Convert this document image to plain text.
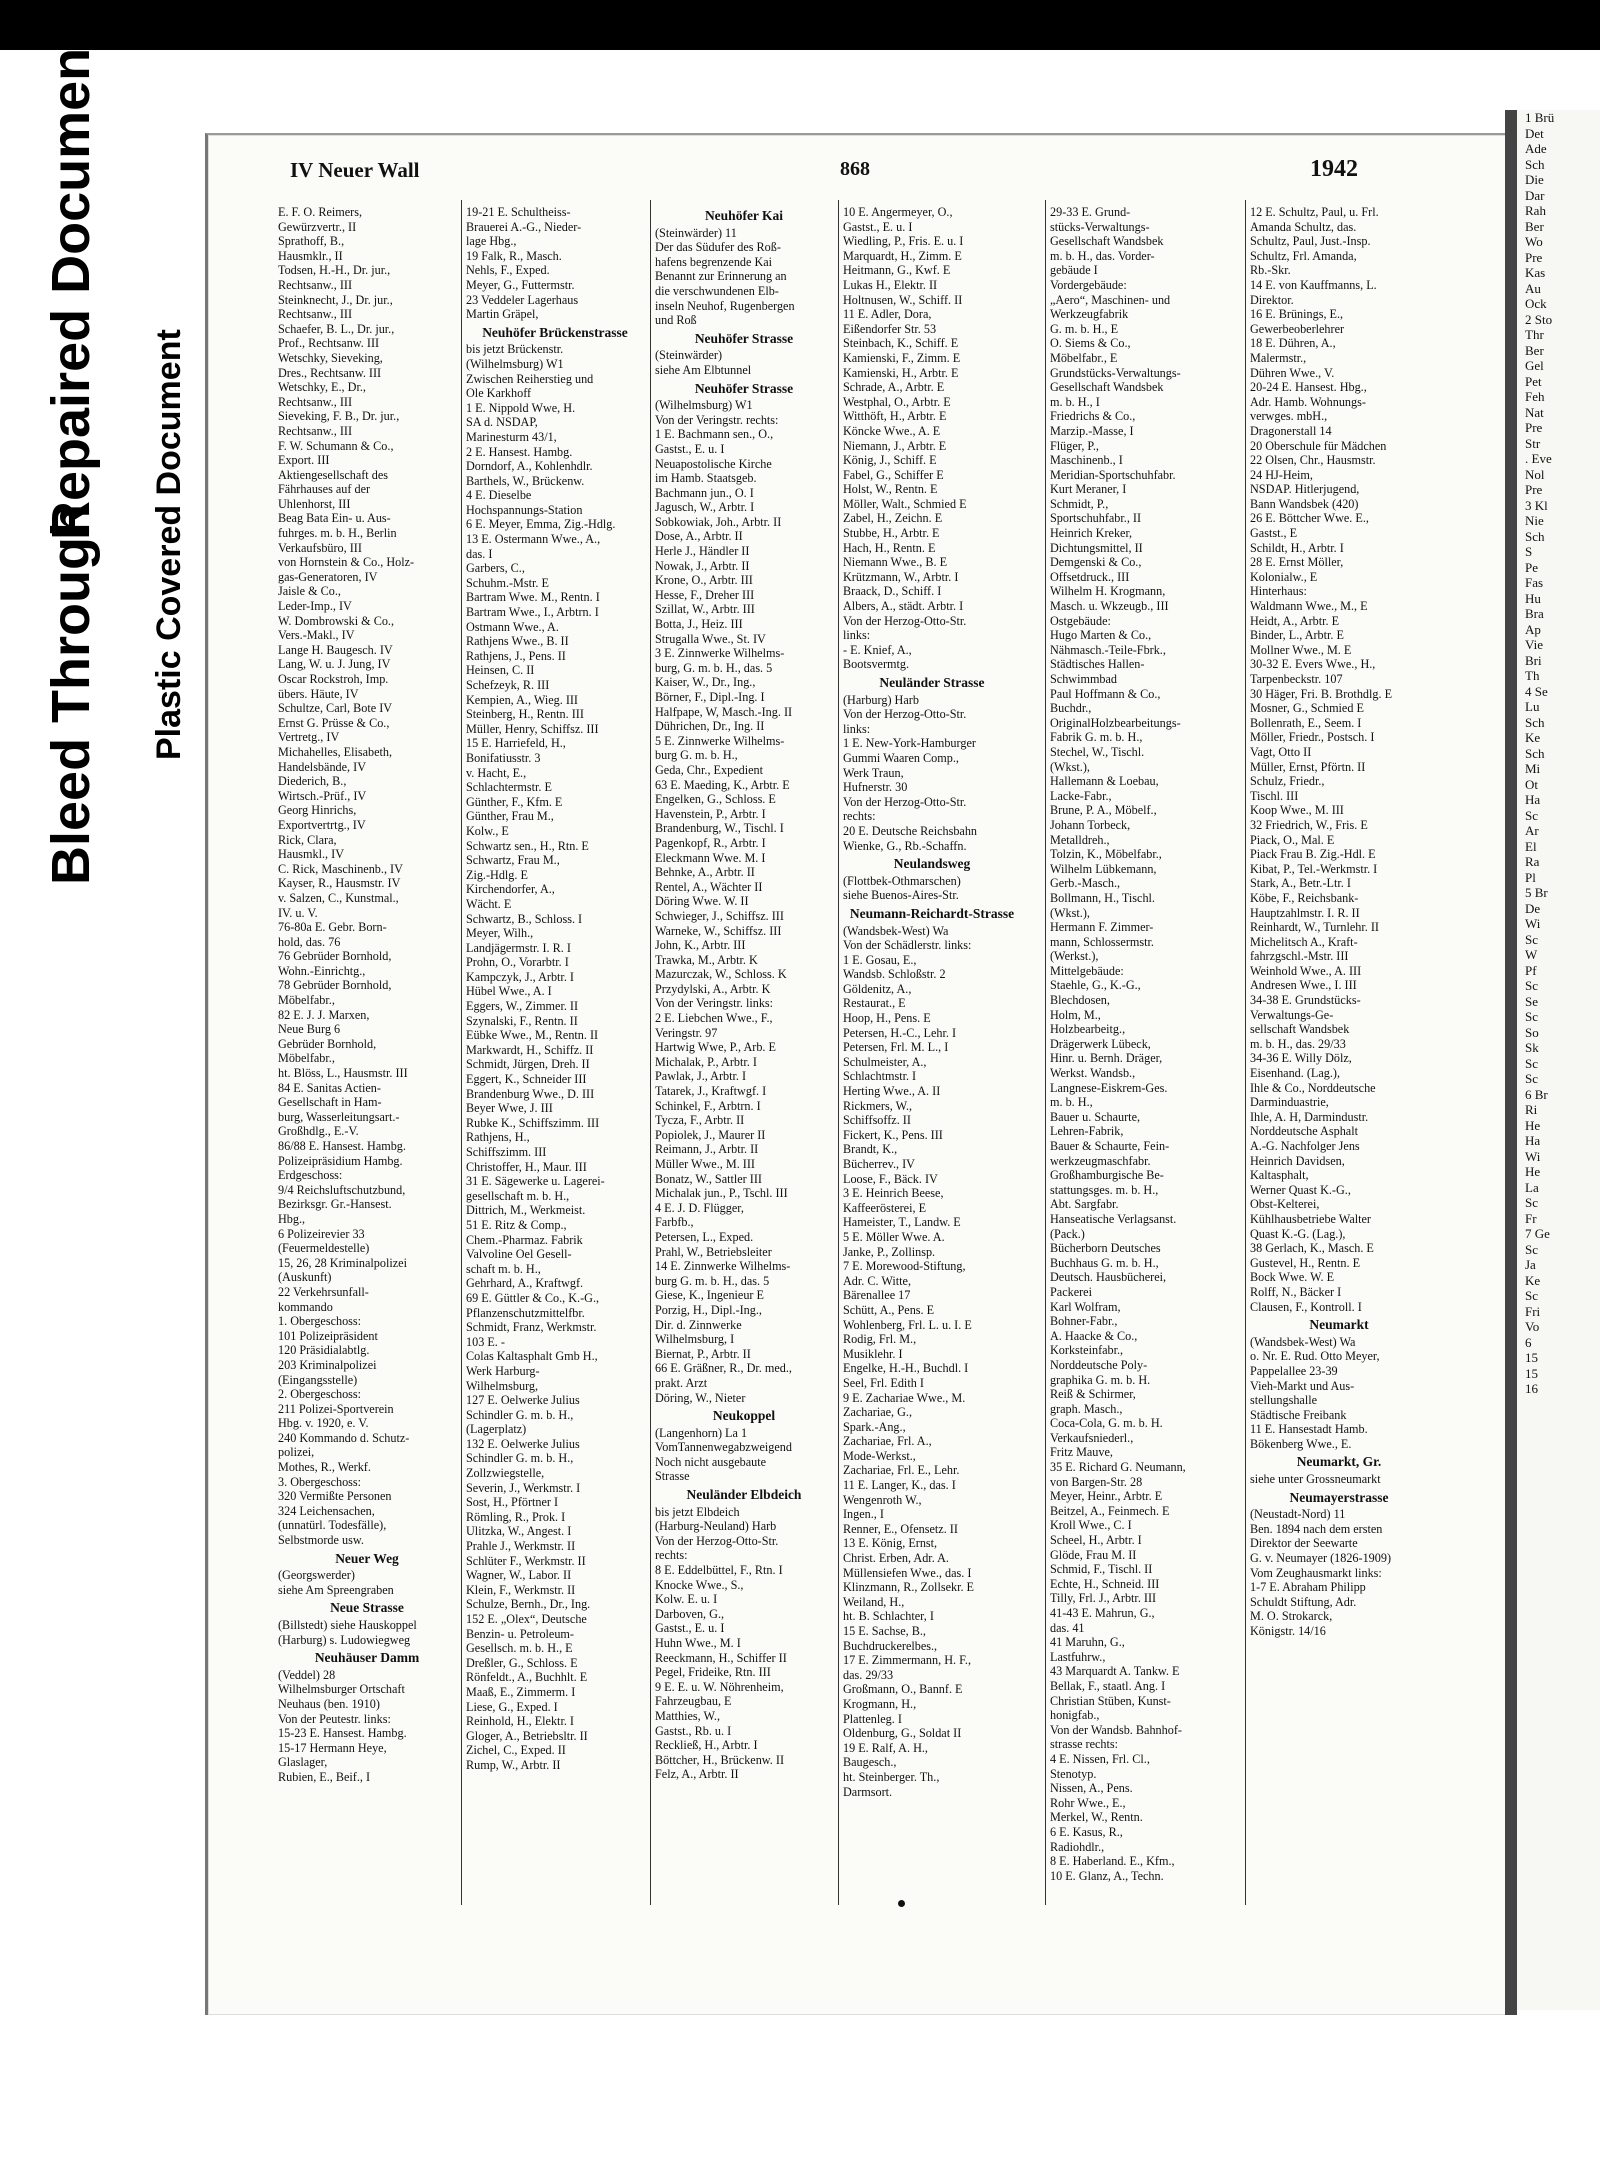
Bleed Through
Repaired Document
Plastic Covered Document
1 Brü
Det
Ade
Sch
Die
Dar
Rah
Ber
Wo
Pre
Kas
Au
Ock
2 Sto
Thr
Ber
Gel
Pet
Feh
Nat
Pre
Str
. Eve
Nol
Pre
3 Kl
Nie
Sch
S
Pe
Fas
Hu
Bra
Ap
Vie
Bri
Th
4 Se
Lu
Sch
Ke
Sch
Mi
Ot
Ha
Sc
Ar
El
Ra
Pl
5 Br
De
Wi
Sc
W
Pf
Sc
Se
Sc
So
Sk
Sc
Sc
6 Br
Ri
He
Ha
Wi
He
La
Sc
Fr
7 Ge
Sc
Ja
Ke
Sc
Fri
Vo
6
15
15
16
IV Neuer Wall	868	1942
E. F. O. Reimers,
Gewürzvertr., II
Sprathoff, B.,
Hausmklr., II
Todsen, H.-H., Dr. jur.,
Rechtsanw., III
Steinknecht, J., Dr. jur.,
Rechtsanw., III
Schaefer, B. L., Dr. jur.,
Prof., Rechtsanw. III
Wetschky, Sieveking,
Dres., Rechtsanw. III
Wetschky, E., Dr.,
Rechtsanw., III
Sieveking, F. B., Dr. jur.,
Rechtsanw., III
F. W. Schumann & Co.,
Export. III
Aktiengesellschaft des
Fährhauses auf der
Uhlenhorst, III
Beag Bata Ein- u. Aus-
fuhrges. m. b. H., Berlin
Verkaufsbüro, III
von Hornstein & Co., Holz-
gas-Generatoren, IV
Jaisle & Co.,
Leder-Imp., IV
W. Dombrowski & Co.,
Vers.-Makl., IV
Lange H. Baugesch. IV
Lang, W. u. J. Jung, IV
Oscar Rockstroh, Imp.
übers. Häute, IV
Schultze, Carl, Bote IV
Ernst G. Prüsse & Co.,
Vertretg., IV
Michahelles, Elisabeth,
Handelsbände, IV
Diederich, B.,
Wirtsch.-Prüf., IV
Georg Hinrichs,
Exportvertrtg., IV
Rick, Clara,
Hausmkl., IV
C. Rick, Maschinenb., IV
Kayser, R., Hausmstr. IV
v. Salzen, C., Kunstmal.,
IV. u. V.
76-80a E. Gebr. Born-
hold, das. 76
76 Gebrüder Bornhold,
Wohn.-Einrichtg.,
78 Gebrüder Bornhold,
Möbelfabr.,
82 E. J. J. Marxen,
Neue Burg 6
Gebrüder Bornhold,
Möbelfabr.,
ht. Blöss, L., Hausmstr. III
84 E. Sanitas Actien-
Gesellschaft in Ham-
burg, Wasserleitungsart.-
Großhdlg., E.-V.
86/88 E. Hansest. Hambg.
Polizeipräsidium Hambg.
Erdgeschoss:
9/4 Reichsluftschutzbund,
Bezirksgr. Gr.-Hansest.
Hbg.,
6 Polizeirevier 33
(Feuermeldestelle)
15, 26, 28 Kriminalpolizei
(Auskunft)
22 Verkehrsunfall-
kommando
1. Obergeschoss:
101 Polizeipräsident
120 Präsidialabtlg.
203 Kriminalpolizei
(Eingangsstelle)
2. Obergeschoss:
211 Polizei-Sportverein
Hbg. v. 1920, e. V.
240 Kommando d. Schutz-
polizei,
Mothes, R., Werkf.
3. Obergeschoss:
320 Vermißte Personen
324 Leichensachen,
(unnatürl. Todesfälle),
Selbstmorde usw.
Neuer Weg
(Georgswerder)
siehe Am Spreengraben
Neue Strasse
(Billstedt) siehe Hauskoppel
(Harburg) s. Ludowiegweg
Neuhäuser Damm
(Veddel) 28
Wilhelmsburger Ortschaft
Neuhaus (ben. 1910)
Von der Peutestr. links:
15-23 E. Hansest. Hambg.
15-17 Hermann Heye,
Glaslager,
Rubien, E., Beif., I
19-21 E. Schultheiss-
Brauerei A.-G., Nieder-
lage Hbg.,
19 Falk, R., Masch.
Nehls, F., Exped.
Meyer, G., Futtermstr.
23 Veddeler Lagerhaus
Martin Gräpel,
Neuhöfer Brückenstrasse
bis jetzt Brückenstr.
(Wilhelmsburg) W1
Zwischen Reiherstieg und
Ole Karkhoff
1 E. Nippold Wwe, H.
SA d. NSDAP,
Marinesturm 43/1,
2 E. Hansest. Hambg.
Dorndorf, A., Kohlenhdlr.
Barthels, W., Brückenw.
4 E. Dieselbe
Hochspannungs-Station
6 E. Meyer, Emma, Zig.-Hdlg.
13 E. Ostermann Wwe., A.,
das. I
Garbers, C.,
Schuhm.-Mstr. E
Bartram Wwe. M., Rentn. I
Bartram Wwe., I., Arbtrn. I
Ostmann Wwe., A.
Rathjens Wwe., B. II
Rathjens, J., Pens. II
Heinsen, C. II
Schefzeyk, R. III
Kempien, A., Wieg. III
Steinberg, H., Rentn. III
Müller, Henry, Schiffsz. III
15 E. Harriefeld, H.,
Bonifatiusstr. 3
v. Hacht, E.,
Schlachtermstr. E
Günther, F., Kfm. E
Günther, Frau M.,
Kolw., E
Schwartz sen., H., Rtn. E
Schwartz, Frau M.,
Zig.-Hdlg. E
Kirchendorfer, A.,
Wächt. E
Schwartz, B., Schloss. I
Meyer, Wilh.,
Landjägermstr. I. R. I
Prohn, O., Vorarbtr. I
Kampczyk, J., Arbtr. I
Hübel Wwe., A. I
Eggers, W., Zimmer. II
Szynalski, F., Rentn. II
Eübke Wwe., M., Rentn. II
Markwardt, H., Schiffz. II
Schmidt, Jürgen, Dreh. II
Eggert, K., Schneider III
Brandenburg Wwe., D. III
Beyer Wwe, J. III
Rubke K., Schiffszimm. III
Rathjens, H.,
Schiffszimm. III
Christoffer, H., Maur. III
31 E. Sägewerke u. Lagerei-
gesellschaft m. b. H.,
Dittrich, M., Werkmeist.
51 E. Ritz & Comp.,
Chem.-Pharmaz. Fabrik
Valvoline Oel Gesell-
schaft m. b. H.,
Gehrhard, A., Kraftwgf.
69 E. Güttler & Co., K.-G.,
Pflanzenschutzmittelfbr.
Schmidt, Franz, Werkmstr.
103 E. -
Colas Kaltasphalt Gmb H.,
Werk Harburg-
Wilhelmsburg,
127 E. Oelwerke Julius
Schindler G. m. b. H.,
(Lagerplatz)
132 E. Oelwerke Julius
Schindler G. m. b. H.,
Zollzwiegstelle,
Severin, J., Werkmstr. I
Sost, H., Pförtner I
Römling, R., Prok. I
Ulitzka, W., Angest. I
Prahle J., Werkmstr. II
Schlüter F., Werkmstr. II
Wagner, W., Labor. II
Klein, F., Werkmstr. II
Schulze, Bernh., Dr., Ing.
152 E. „Olex“, Deutsche
Benzin- u. Petroleum-
Gesellsch. m. b. H., E
Dreßler, G., Schloss. E
Rönfeldt., A., Buchhlt. E
Maaß, E., Zimmerm. I
Liese, G., Exped. I
Reinhold, H., Elektr. I
Gloger, A., Betriebsltr. II
Zichel, C., Exped. II
Rump, W., Arbtr. II
Neuhöfer Kai
(Steinwärder) 11
Der das Südufer des Roß-
hafens begrenzende Kai
Benannt zur Erinnerung an
die verschwundenen Elb-
inseln Neuhof, Rugenbergen
und Roß
Neuhöfer Strasse
(Steinwärder)
siehe Am Elbtunnel
Neuhöfer Strasse
(Wilhelmsburg) W1
Von der Veringstr. rechts:
1 E. Bachmann sen., O.,
Gastst., E. u. I
Neuapostolische Kirche
im Hamb. Staatsgeb.
Bachmann jun., O. I
Jagusch, W., Arbtr. I
Sobkowiak, Joh., Arbtr. II
Dose, A., Arbtr. II
Herle J., Händler II
Nowak, J., Arbtr. II
Krone, O., Arbtr. III
Hesse, F., Dreher III
Szillat, W., Arbtr. III
Botta, J., Heiz. III
Strugalla Wwe., St. IV
3 E. Zinnwerke Wilhelms-
burg, G. m. b. H., das. 5
Kaiser, W., Dr., Ing.,
Börner, F., Dipl.-Ing. I
Halfpape, W, Masch.-Ing. II
Dührichen, Dr., Ing. II
5 E. Zinnwerke Wilhelms-
burg G. m. b. H.,
Geda, Chr., Expedient
63 E. Maeding, K., Arbtr. E
Engelken, G., Schloss. E
Havenstein, P., Arbtr. I
Brandenburg, W., Tischl. I
Pagenkopf, R., Arbtr. I
Eleckmann Wwe. M. I
Behnke, A., Arbtr. II
Rentel, A., Wächter II
Döring Wwe. W. II
Schwieger, J., Schiffsz. III
Warneke, W., Schiffsz. III
John, K., Arbtr. III
Trawka, M., Arbtr. K
Mazurczak, W., Schloss. K
Przydylski, A., Arbtr. K
Von der Veringstr. links:
2 E. Liebchen Wwe., F.,
Veringstr. 97
Hartwig Wwe, P., Arb. E
Michalak, P., Arbtr. I
Pawlak, J., Arbtr. I
Tatarek, J., Kraftwgf. I
Schinkel, F., Arbtrn. I
Tycza, F., Arbtr. II
Popiolek, J., Maurer II
Reimann, J., Arbtr. II
Müller Wwe., M. III
Bonatz, W., Sattler III
Michalak jun., P., Tschl. III
4 E. J. D. Flügger,
Farbfb.,
Petersen, L., Exped.
Prahl, W., Betriebsleiter
14 E. Zinnwerke Wilhelms-
burg G. m. b. H., das. 5
Giese, K., Ingenieur E
Porzig, H., Dipl.-Ing.,
Dir. d. Zinnwerke
Wilhelmsburg, I
Biernat, P., Arbtr. II
66 E. Gräßner, R., Dr. med.,
prakt. Arzt
Döring, W., Nieter
Neukoppel
(Langenhorn) La 1
VomTannenwegabzweigend
Noch nicht ausgebaute
Strasse
Neuländer Elbdeich
bis jetzt Elbdeich
(Harburg-Neuland) Harb
Von der Herzog-Otto-Str.
rechts:
8 E. Eddelbüttel, F., Rtn. I
Knocke Wwe., S.,
Kolw. E. u. I
Darboven, G.,
Gastst., E. u. I
Huhn Wwe., M. I
Reeckmann, H., Schiffer II
Pegel, Frideike, Rtn. III
9 E. E. u. W. Nöhrenheim,
Fahrzeugbau, E
Matthies, W.,
Gastst., Rb. u. I
Reckließ, H., Arbtr. I
Böttcher, H., Brückenw. II
Felz, A., Arbtr. II
10 E. Angermeyer, O.,
Gastst., E. u. I
Wiedling, P., Fris. E. u. I
Marquardt, H., Zimm. E
Heitmann, G., Kwf. E
Lukas H., Elektr. II
Holtnusen, W., Schiff. II
11 E. Adler, Dora,
Eißendorfer Str. 53
Steinbach, K., Schiff. E
Kamienski, F., Zimm. E
Kamienski, H., Arbtr. E
Schrade, A., Arbtr. E
Westphal, O., Arbtr. E
Witthöft, H., Arbtr. E
Köncke Wwe., A. E
Niemann, J., Arbtr. E
König, J., Schiff. E
Fabel, G., Schiffer E
Holst, W., Rentn. E
Möller, Walt., Schmied E
Zabel, H., Zeichn. E
Stubbe, H., Arbtr. E
Hach, H., Rentn. E
Niemann Wwe., B. E
Krützmann, W., Arbtr. I
Braack, D., Schiff. I
Albers, A., städt. Arbtr. I
Von der Herzog-Otto-Str.
links:
- E. Knief, A.,
Bootsvermtg.
Neuländer Strasse
(Harburg) Harb
Von der Herzog-Otto-Str.
links:
1 E. New-York-Hamburger
Gummi Waaren Comp.,
Werk Traun,
Hufnerstr. 30
Von der Herzog-Otto-Str.
rechts:
20 E. Deutsche Reichsbahn
Wienke, G., Rb.-Schaffn.
Neulandsweg
(Flottbek-Othmarschen)
siehe Buenos-Aires-Str.
Neumann-Reichardt-Strasse
(Wandsbek-West) Wa
Von der Schädlerstr. links:
1 E. Gosau, E.,
Wandsb. Schloßstr. 2
Göldenitz, A.,
Restaurat., E
Hoop, H., Pens. E
Petersen, H.-C., Lehr. I
Petersen, Frl. M. L., I
Schulmeister, A.,
Schlachtmstr. I
Herting Wwe., A. II
Rickmers, W.,
Schiffsoffz. II
Fickert, K., Pens. III
Brandt, K.,
Bücherrev., IV
Loose, F., Bäck. IV
3 E. Heinrich Beese,
Kaffeerösterei, E
Hameister, T., Landw. E
5 E. Möller Wwe. A.
Janke, P., Zollinsp.
7 E. Morewood-Stiftung,
Adr. C. Witte,
Bärenallee 17
Schütt, A., Pens. E
Wohlenberg, Frl. L. u. I. E
Rodig, Frl. M.,
Musiklehr. I
Engelke, H.-H., Buchdl. I
Seel, Frl. Edith I
9 E. Zachariae Wwe., M.
Zachariae, G.,
Spark.-Ang.,
Zachariae, Frl. A.,
Mode-Werkst.,
Zachariae, Frl. E., Lehr.
11 E. Langer, K., das. I
Wengenroth W.,
Ingen., I
Renner, E., Ofensetz. II
13 E. König, Ernst,
Christ. Erben, Adr. A.
Müllensiefen Wwe., das. I
Klinzmann, R., Zollsekr. E
Weiland, H.,
ht. B. Schlachter, I
15 E. Sachse, B.,
Buchdruckerelbes.,
17 E. Zimmermann, H. F.,
das. 29/33
Großmann, O., Bannf. E
Krogmann, H.,
Plattenleg. I
Oldenburg, G., Soldat II
19 E. Ralf, A. H.,
Baugesch.,
ht. Steinberger. Th.,
Darmsort.
29-33 E. Grund-
stücks-Verwaltungs-
Gesellschaft Wandsbek
m. b. H., das. Vorder-
gebäude I
Vordergebäude:
„Aero“, Maschinen- und
Werkzeugfabrik
G. m. b. H., E
O. Siems & Co.,
Möbelfabr., E
Grundstücks-Verwaltungs-
Gesellschaft Wandsbek
m. b. H., I
Friedrichs & Co.,
Marzip.-Masse, I
Flüger, P.,
Maschinenb., I
Meridian-Sportschuhfabr.
Kurt Meraner, I
Schmidt, P.,
Sportschuhfabr., II
Heinrich Kreker,
Dichtungsmittel, II
Demgenski & Co.,
Offsetdruck., III
Wilhelm H. Krogmann,
Masch. u. Wkzeugb., III
Ostgebäude:
Hugo Marten & Co.,
Nähmasch.-Teile-Fbrk.,
Städtisches Hallen-
Schwimmbad
Paul Hoffmann & Co.,
Buchdr.,
OriginalHolzbearbeitungs-
Fabrik G. m. b. H.,
Stechel, W., Tischl.
(Wkst.),
Hallemann & Loebau,
Lacke-Fabr.,
Brune, P. A., Möbelf.,
Johann Torbeck,
Metalldreh.,
Tolzin, K., Möbelfabr.,
Wilhelm Lübkemann,
Gerb.-Masch.,
Bollmann, H., Tischl.
(Wkst.),
Hermann F. Zimmer-
mann, Schlossermstr.
(Werkst.),
Mittelgebäude:
Staehle, G., K.-G.,
Blechdosen,
Holm, M.,
Holzbearbeitg.,
Drägerwerk Lübeck,
Hinr. u. Bernh. Dräger,
Werkst. Wandsb.,
Langnese-Eiskrem-Ges.
m. b. H.,
Bauer u. Schaurte,
Lehren-Fabrik,
Bauer & Schaurte, Fein-
werkzeugmaschfabr.
Großhamburgische Be-
stattungsges. m. b. H.,
Abt. Sargfabr.
Hanseatische Verlagsanst.
(Pack.)
Bücherborn Deutsches
Buchhaus G. m. b. H.,
Deutsch. Hausbücherei,
Packerei
Karl Wolfram,
Bohner-Fabr.,
A. Haacke & Co.,
Korksteinfabr.,
Norddeutsche Poly-
graphika G. m. b. H.
Reiß & Schirmer,
graph. Masch.,
Coca-Cola, G. m. b. H.
Verkaufsniederl.,
Fritz Mauve,
35 E. Richard G. Neumann,
von Bargen-Str. 28
Meyer, Heinr., Arbtr. E
Beitzel, A., Feinmech. E
Kroll Wwe., C. I
Scheel, H., Arbtr. I
Glöde, Frau M. II
Schmid, F., Tischl. II
Echte, H., Schneid. III
Tilly, Frl. J., Arbtr. III
41-43 E. Mahrun, G.,
das. 41
41 Maruhn, G.,
Lastfuhrw.,
43 Marquardt A. Tankw. E
Bellak, F., staatl. Ang. I
Christian Stüben, Kunst-
honigfab.,
Von der Wandsb. Bahnhof-
strasse rechts:
4 E. Nissen, Frl. Cl.,
Stenotyp.
Nissen, A., Pens.
Rohr Wwe., E.,
Merkel, W., Rentn.
6 E. Kasus, R.,
Radiohdlr.,
8 E. Haberland. E., Kfm.,
10 E. Glanz, A., Techn.
12 E. Schultz, Paul, u. Frl.
Amanda Schultz, das.
Schultz, Paul, Just.-Insp.
Schultz, Frl. Amanda,
Rb.-Skr.
14 E. von Kauffmanns, L.
Direktor.
16 E. Brünings, E.,
Gewerbeoberlehrer
18 E. Dühren, A.,
Malermstr.,
Dühren Wwe., V.
20-24 E. Hansest. Hbg.,
Adr. Hamb. Wohnungs-
verwges. mbH.,
Dragonerstall 14
20 Oberschule für Mädchen
22 Olsen, Chr., Hausmstr.
24 HJ-Heim,
NSDAP. Hitlerjugend,
Bann Wandsbek (420)
26 E. Böttcher Wwe. E.,
Gastst., E
Schildt, H., Arbtr. I
28 E. Ernst Möller,
Kolonialw., E
Hinterhaus:
Waldmann Wwe., M., E
Heidt, A., Arbtr. E
Binder, L., Arbtr. E
Mollner Wwe., M. E
30-32 E. Evers Wwe., H.,
Tarpenbeckstr. 107
30 Häger, Fri. B. Brothdlg. E
Mosner, G., Schmied E
Bollenrath, E., Seem. I
Möller, Friedr., Postsch. I
Vagt, Otto II
Müller, Ernst, Pförtn. II
Schulz, Friedr.,
Tischl. III
Koop Wwe., M. III
32 Friedrich, W., Fris. E
Piack, O., Mal. E
Piack Frau B. Zig.-Hdl. E
Kibat, P., Tel.-Werkmstr. I
Stark, A., Betr.-Ltr. I
Köbe, F., Reichsbank-
Hauptzahlmstr. I. R. II
Reinhardt, W., Turnlehr. II
Michelitsch A., Kraft-
fahrzgschl.-Mstr. III
Weinhold Wwe., A. III
Andresen Wwe., I. III
34-38 E. Grundstücks-
Verwaltungs-Ge-
sellschaft Wandsbek
m. b. H., das. 29/33
34-36 E. Willy Dölz,
Eisenhand. (Lag.),
Ihle & Co., Norddeutsche
Darminduastrie,
Ihle, A. H, Darmindustr.
Norddeutsche Asphalt
A.-G. Nachfolger Jens
Heinrich Davidsen,
Kaltasphalt,
Werner Quast K.-G.,
Obst-Kelterei,
Kühlhausbetriebe Walter
Quast K.-G. (Lag.),
38 Gerlach, K., Masch. E
Gustevel, H., Rentn. E
Bock Wwe. W. E
Rolff, N., Bäcker I
Clausen, F., Kontroll. I
Neumarkt
(Wandsbek-West) Wa
o. Nr. E. Rud. Otto Meyer,
Pappelallee 23-39
Vieh-Markt und Aus-
stellungshalle
Städtische Freibank
11 E. Hansestadt Hamb.
Bökenberg Wwe., E.
Neumarkt, Gr.
siehe unter Grossneumarkt
Neumayerstrasse
(Neustadt-Nord) 11
Ben. 1894 nach dem ersten
Direktor der Seewarte
G. v. Neumayer (1826-1909)
Vom Zeughausmarkt links:
1-7 E. Abraham Philipp
Schuldt Stiftung, Adr.
M. O. Strokarck,
Königstr. 14/16
